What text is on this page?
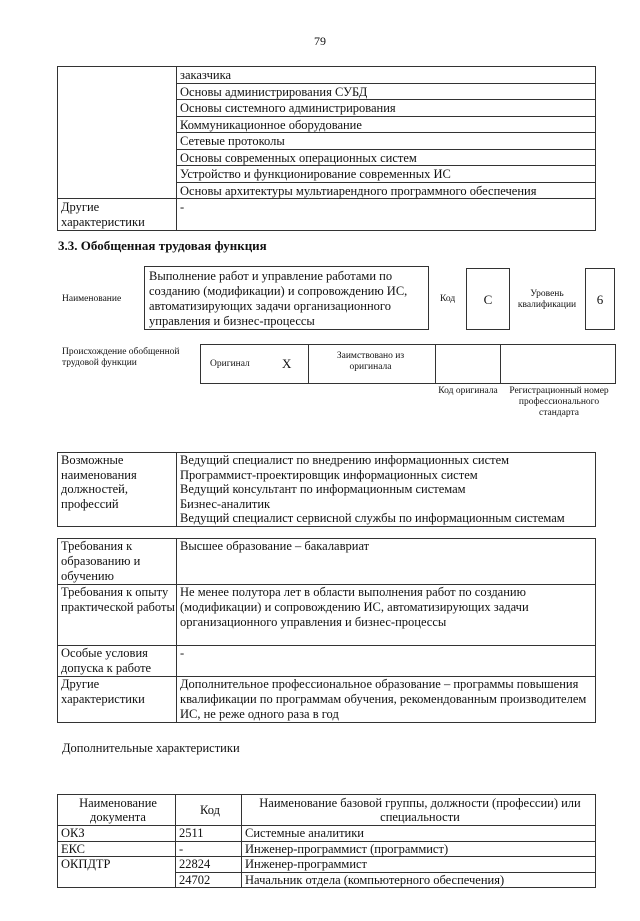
79
	заказчика
	Основы администрирования СУБД
	Основы системного администрирования
	Коммуникационное оборудование
	Сетевые протоколы
	Основы современных операционных систем
	Устройство и функционирование современных ИС
	Основы архитектуры мультиарендного программного обеспечения
Другие характеристики	-
3.3. Обобщенная трудовая функция
Наименование
Выполнение работ и управление работами по созданию (модификации) и сопровождению ИС, автоматизирующих задачи организационного управления и бизнес-процессы
Код	C	Уровень квалификации	6
Происхождение обобщенной трудовой функции	Оригинал X	Заимствовано из оригинала
Код оригинала Регистрационный номер профессионального стандарта
Возможные наименования должностей, профессий	
Ведущий специалист по внедрению информационных систем
Программист-проектировщик информационных систем
Ведущий консультант по информационным системам
Бизнес-аналитик
Ведущий специалист сервисной службы по информационным системам
Требования к образованию и обучению	Высшее образование – бакалавриат
Требования к опыту практической работы	Не менее полутора лет в области выполнения работ по созданию (модификации) и сопровождению ИС, автоматизирующих задачи организационного управления и бизнес-процессы
Особые условия допуска к работе	-
Другие характеристики	Дополнительное профессиональное образование – программы повышения квалификации по программам обучения, рекомендованным производителем ИС, не реже одного раза в год
Дополнительные характеристики
Наименование документа	Код	Наименование базовой группы, должности (профессии) или специальности
ОКЗ	2511	Системные аналитики
ЕКС	-	Инженер-программист (программист)
ОКПДТР	22824	Инженер-программист
	24702	Начальник отдела (компьютерного обеспечения)
